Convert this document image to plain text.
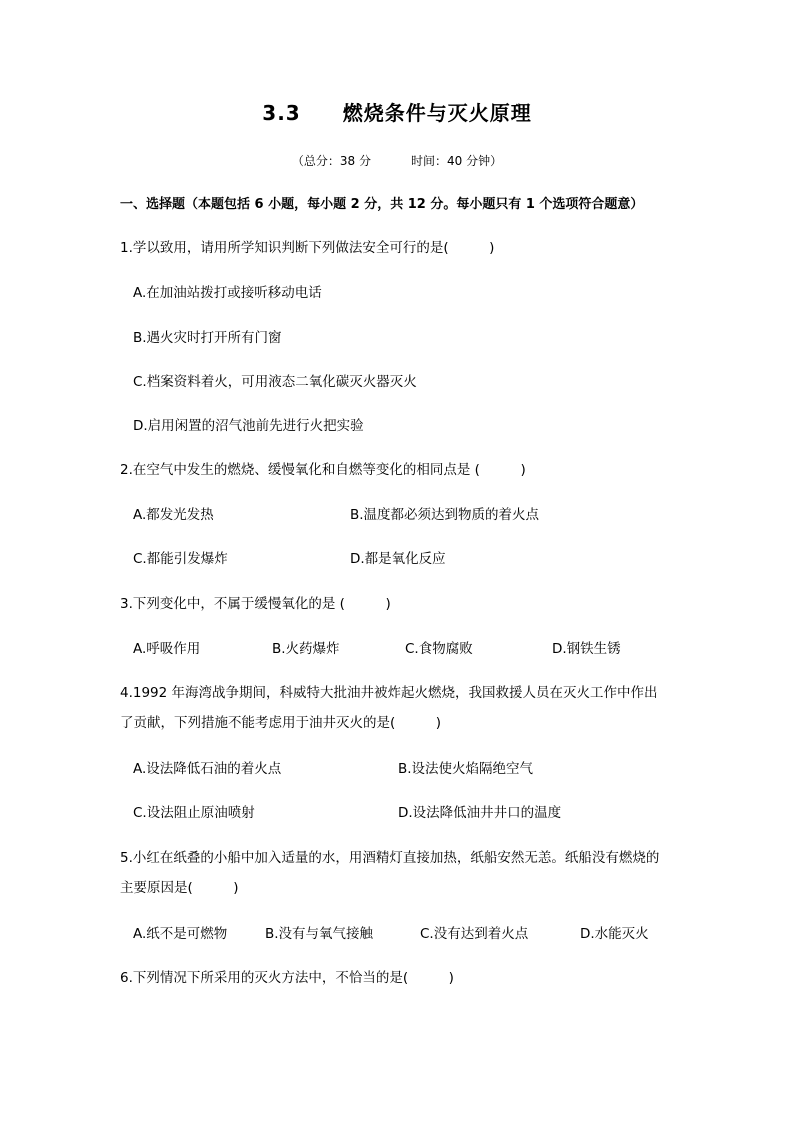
3.3 燃烧条件与灭火原理
（总分：38 分	时间：40 分钟）
一、选择题（本题包括 6 小题，每小题 2 分，共 12 分。每小题只有 1 个选项符合题意）
1.学以致用，请用所学知识判断下列做法安全可行的是(　　　)
A.在加油站拨打或接听移动电话
B.遇火灾时打开所有门窗
C.档案资料着火，可用液态二氧化碳灭火器灭火
D.启用闲置的沼气池前先进行火把实验
2.在空气中发生的燃烧、缓慢氧化和自燃等变化的相同点是 (　　　)
A.都发光发热	B.温度都必须达到物质的着火点
C.都能引发爆炸	D.都是氧化反应
3.下列变化中，不属于缓慢氧化的是 (　　　)
A.呼吸作用	B.火药爆炸	C.食物腐败	D.钢铁生锈
4.1992 年海湾战争期间，科威特大批油井被炸起火燃烧，我国救援人员在灭火工作中作出
了贡献，下列措施不能考虑用于油井灭火的是(　　　)
A.设法降低石油的着火点	B.设法使火焰隔绝空气
C.设法阻止原油喷射	D.设法降低油井井口的温度
5.小红在纸叠的小船中加入适量的水，用酒精灯直接加热，纸船安然无恙。纸船没有燃烧的
主要原因是(　　　)
A.纸不是可燃物	B.没有与氧气接触	C.没有达到着火点	D.水能灭火
6.下列情况下所采用的灭火方法中，不恰当的是(　　　)
